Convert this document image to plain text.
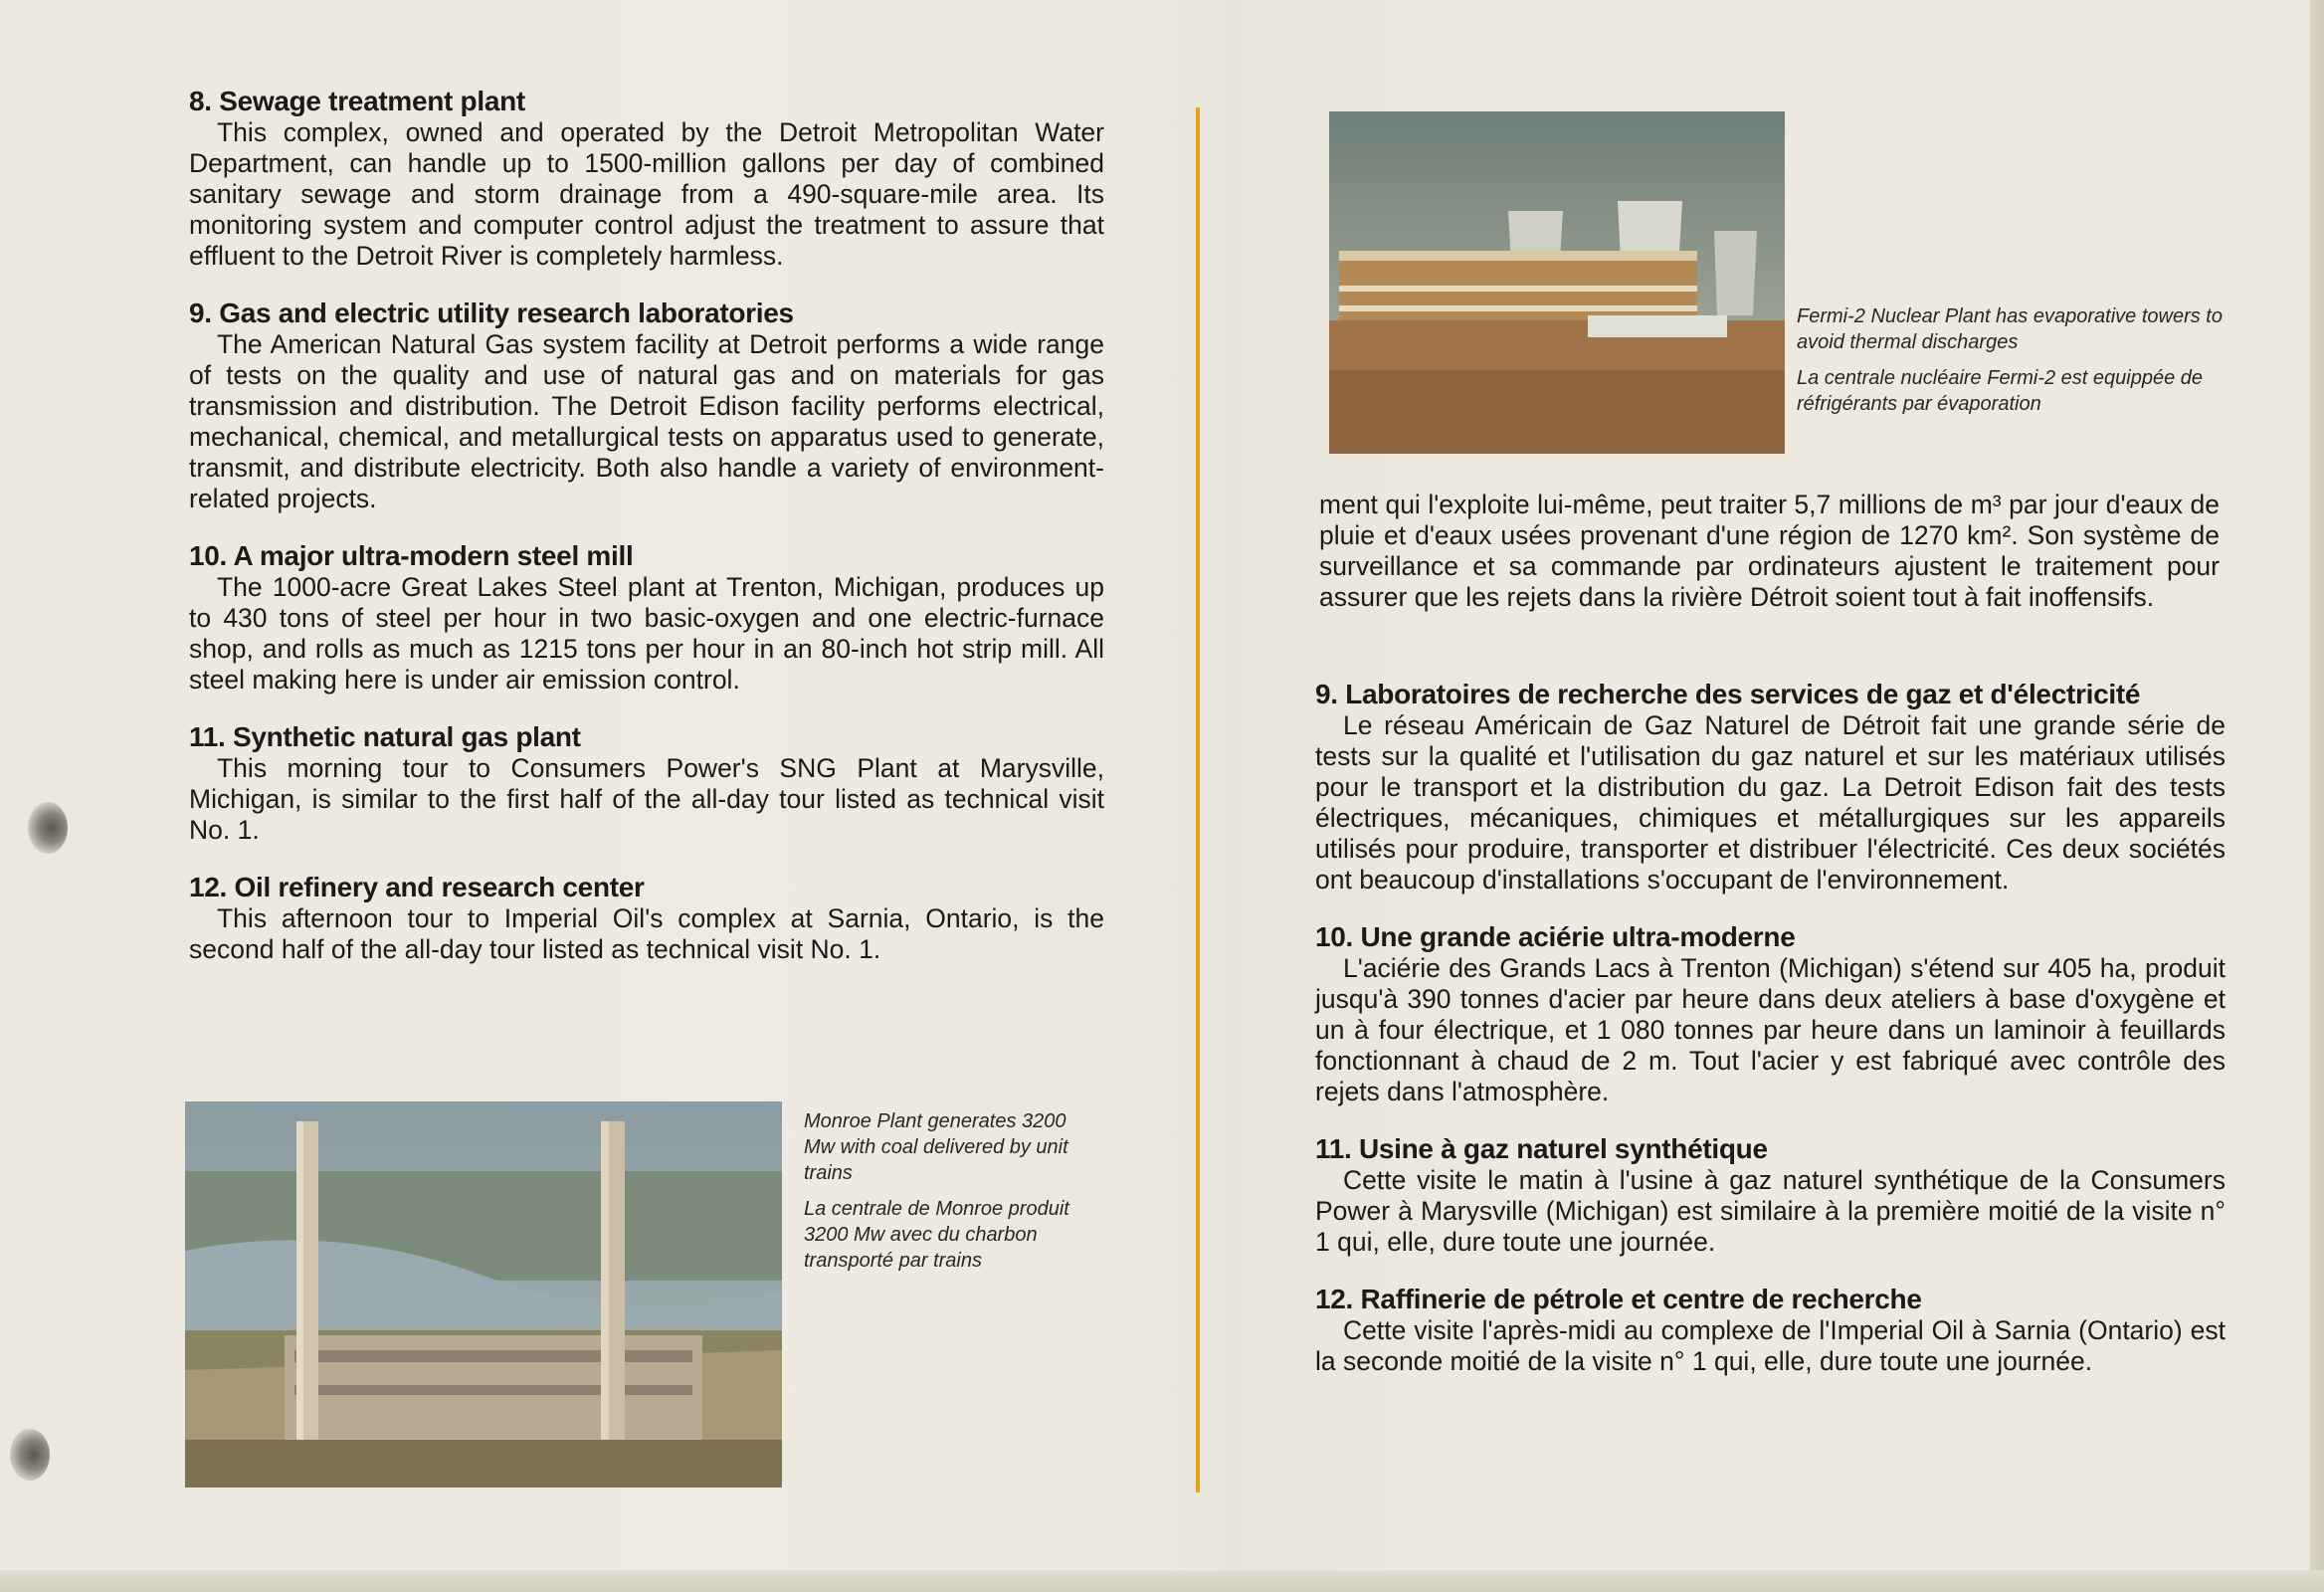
8. Sewage treatment plant

This complex, owned and operated by the Detroit Metropolitan Water Department, can handle up to 1500-million gallons per day of combined sanitary sewage and storm drainage from a 490-square-mile area. Its monitoring system and computer control adjust the treatment to assure that effluent to the Detroit River is completely harmless.

9. Gas and electric utility research laboratories

The American Natural Gas system facility at Detroit performs a wide range of tests on the quality and use of natural gas and on materials for gas transmission and distribution. The Detroit Edison facility performs electrical, mechanical, chemical, and metallurgical tests on apparatus used to generate, transmit, and distribute electricity. Both also handle a variety of environment-related projects.

10. A major ultra-modern steel mill

The 1000-acre Great Lakes Steel plant at Trenton, Michigan, produces up to 430 tons of steel per hour in two basic-oxygen and one electric-furnace shop, and rolls as much as 1215 tons per hour in an 80-inch hot strip mill. All steel making here is under air emission control.

11. Synthetic natural gas plant

This morning tour to Consumers Power's SNG Plant at Marysville, Michigan, is similar to the first half of the all-day tour listed as technical visit No. 1.

12. Oil refinery and research center

This afternoon tour to Imperial Oil's complex at Sarnia, Ontario, is the second half of the all-day tour listed as technical visit No. 1.

Monroe Plant generates 3200 Mw with coal delivered by unit trains

La centrale de Monroe produit 3200 Mw avec du charbon transporté par trains

Fermi-2 Nuclear Plant has evaporative towers to avoid thermal discharges

La centrale nucléaire Fermi-2 est equippée de réfrigérants par évaporation

ment qui l'exploite lui-même, peut traiter 5,7 millions de m³ par jour d'eaux de pluie et d'eaux usées provenant d'une région de 1270 km². Son système de surveillance et sa commande par ordinateurs ajustent le traitement pour assurer que les rejets dans la rivière Détroit soient tout à fait inoffensifs.

9. Laboratoires de recherche des services de gaz et d'électricité

Le réseau Américain de Gaz Naturel de Détroit fait une grande série de tests sur la qualité et l'utilisation du gaz naturel et sur les matériaux utilisés pour le transport et la distribution du gaz. La Detroit Edison fait des tests électriques, mécaniques, chimiques et métallurgiques sur les appareils utilisés pour produire, transporter et distribuer l'électricité. Ces deux sociétés ont beaucoup d'installations s'occupant de l'environnement.

10. Une grande aciérie ultra-moderne

L'aciérie des Grands Lacs à Trenton (Michigan) s'étend sur 405 ha, produit jusqu'à 390 tonnes d'acier par heure dans deux ateliers à base d'oxygène et un à four électrique, et 1 080 tonnes par heure dans un laminoir à feuillards fonctionnant à chaud de 2 m. Tout l'acier y est fabriqué avec contrôle des rejets dans l'atmosphère.

11. Usine à gaz naturel synthétique

Cette visite le matin à l'usine à gaz naturel synthétique de la Consumers Power à Marysville (Michigan) est similaire à la première moitié de la visite n° 1 qui, elle, dure toute une journée.

12. Raffinerie de pétrole et centre de recherche

Cette visite l'après-midi au complexe de l'Imperial Oil à Sarnia (Ontario) est la seconde moitié de la visite n° 1 qui, elle, dure toute une journée.
